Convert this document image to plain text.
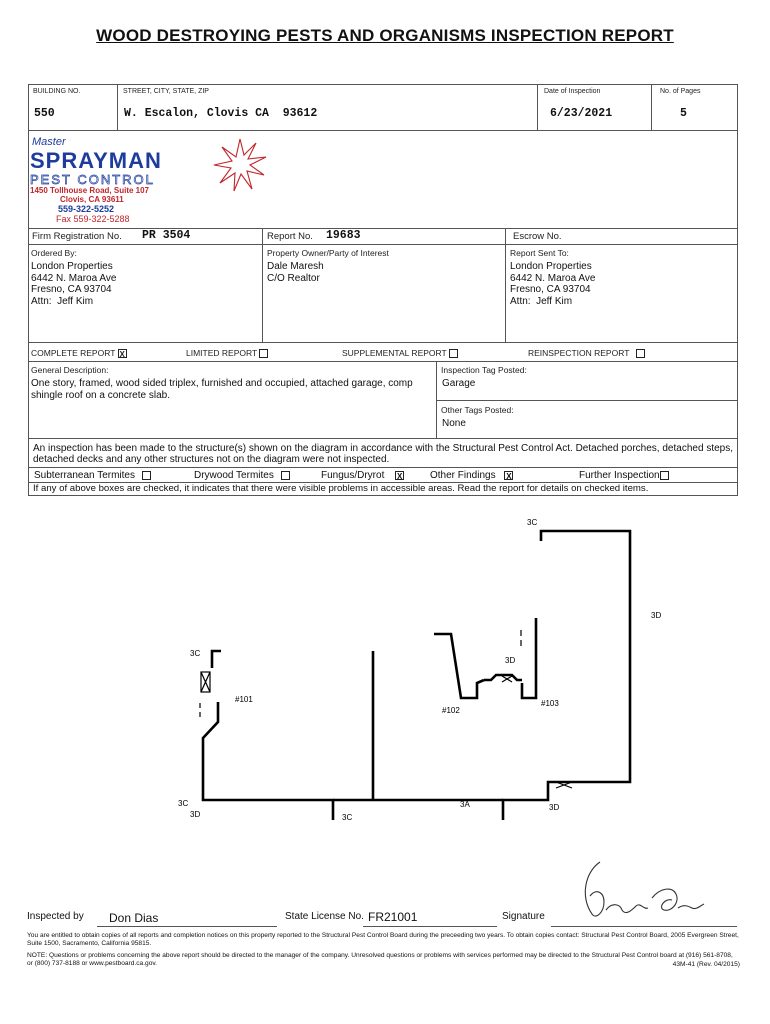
WOOD DESTROYING PESTS AND ORGANISMS INSPECTION REPORT
BUILDING NO.
550
STREET, CITY, STATE, ZIP
W. Escalon, Clovis CA  93612
Date of Inspection
6/23/2021
No. of Pages
5
Master
SPRAYMAN
PEST CONTROL
1450 Tollhouse Road, Suite 107
Clovis, CA 93611
559-322-5252
Fax 559-322-5288
Firm Registration No. PR 3504	Report No. 19683	Escrow No.
Ordered By:
London Properties
6442 N. Maroa Ave
Fresno, CA 93704
Attn:  Jeff Kim
Property Owner/Party of Interest
Dale Maresh
C/O Realtor
Report Sent To:
London Properties
6442 N. Maroa Ave
Fresno, CA 93704
Attn:  Jeff Kim
COMPLETE REPORT X	LIMITED REPORT	SUPPLEMENTAL REPORT	REINSPECTION REPORT
General Description:
One story, framed, wood sided triplex, furnished and occupied, attached garage, comp shingle roof on a concrete slab.
Inspection Tag Posted:
Garage
Other Tags Posted:
None
An inspection has been made to the structure(s) shown on the diagram in accordance with the Structural Pest Control Act. Detached porches, detached steps, detached decks and any other structures not on the diagram were not inspected.
Subterranean Termites	Drywood Termites	Fungus/Dryrot X	Other Findings X	Further Inspection
If any of above boxes are checked, it indicates that there were visible problems in accessible areas. Read the report for details on checked items.
3C
3D
3C
3D
#101
#102
#103
3C
3D	3C
3A	3D
Inspected by Don Dias	State License No. FR21001	Signature
You are entitled to obtain copies of all reports and completion notices on this property reported to the Structural Pest Control Board during the preceeding two years. To obtain copies contact: Structural Pest Control Board, 2005 Evergreen Street, Suite 1500, Sacramento, California 95815.
NOTE: Questions or problems concerning the above report should be directed to the manager of the company. Unresolved questions or problems with services performed may be directed to the Structural Pest Control board at (916) 561-8708, or (800) 737-8188 or www.pestboard.ca.gov.	43M-41 (Rev. 04/2015)
